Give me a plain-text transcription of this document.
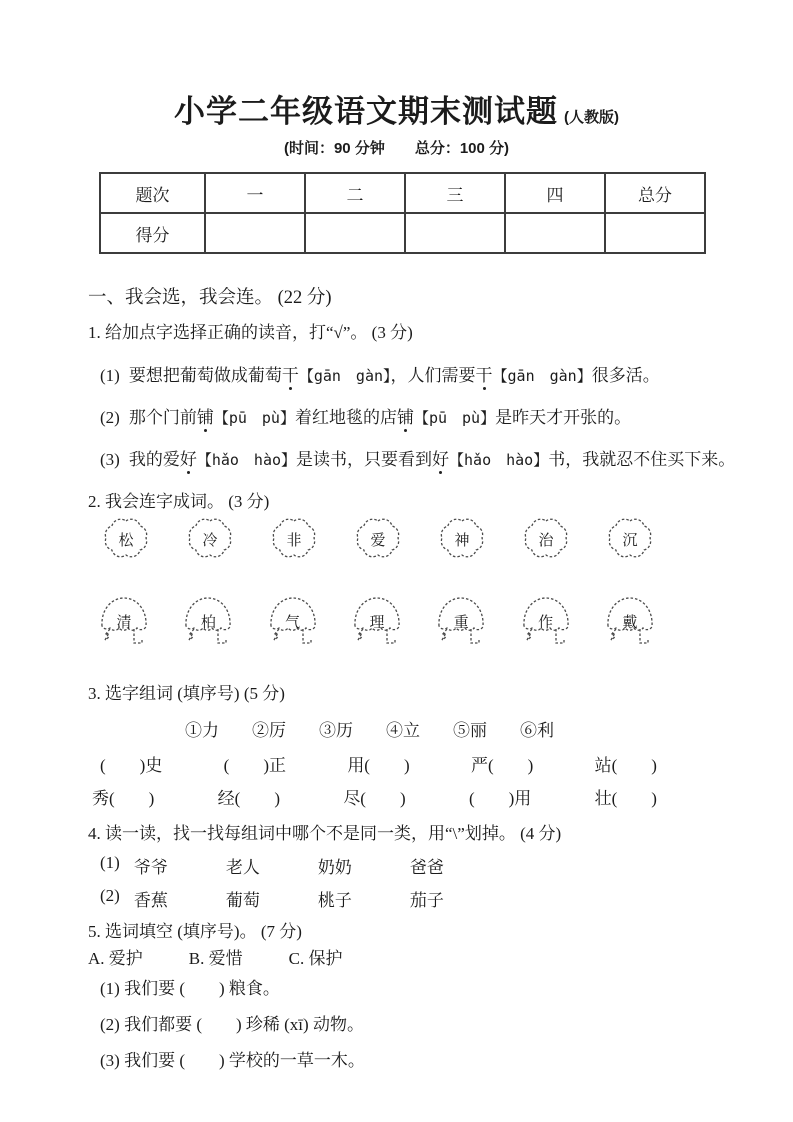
小学二年级语文期末测试题 (人教版)
(时间：90 分钟　　总分：100 分)
题次	一	二	三	四	总分
得分					
一、我会选，我会连。 (22 分)
1. 给加点字选择正确的读音，打“√”。 (3 分)
(1) 要想把葡萄做成葡萄干【gān　gàn】，人们需要干【gān　gàn】很多活。
(2) 那个门前铺【pū　pù】着红地毯的店铺【pū　pù】是昨天才开张的。
(3) 我的爱好【hǎo　hào】是读书，只要看到好【hǎo　hào】书，我就忍不住买下来。
2. 我会连字成词。 (3 分)
松	冷	非	爱	神	治	沉
清	柏	气	理	重	作	戴
3. 选字组词 (填序号) (5 分)
①力 ②厉 ③历 ④立 ⑤丽 ⑥利
(　　)史	(　　)正	用(　　)	严(　　)	站(　　)
秀(　　)	经(　　)	尽(　　)	(　　)用	壮(　　)
4. 读一读，找一找每组词中哪个不是同一类，用“\”划掉。 (4 分)
(1) 爷爷	老人	奶奶	爸爸
(2) 香蕉	葡萄	桃子	茄子
5. 选词填空 (填序号)。 (7 分)
A. 爱护	B. 爱惜	C. 保护
(1) 我们要 (　　) 粮食。
(2) 我们都要 (　　) 珍稀 (xī) 动物。
(3) 我们要 (　　) 学校的一草一木。
